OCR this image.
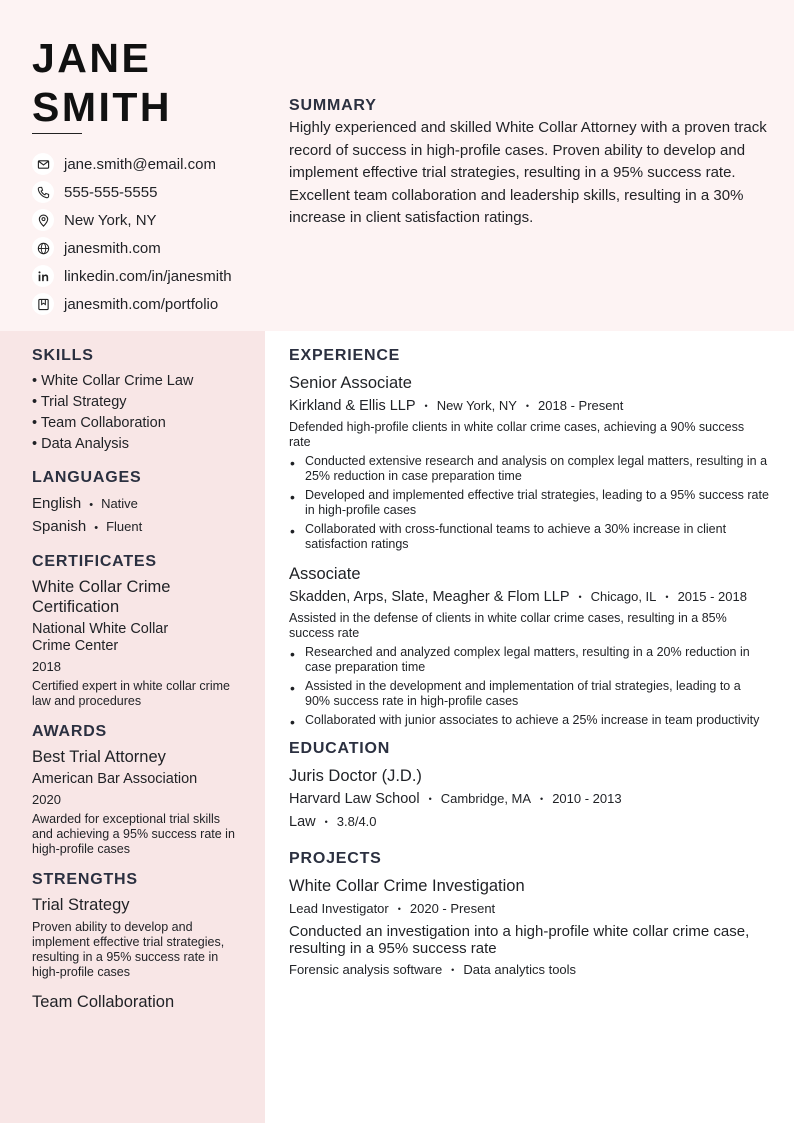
JANE
SMITH
jane.smith@email.com
555-555-5555
New York, NY
janesmith.com
linkedin.com/in/janesmith
janesmith.com/portfolio
SUMMARY
Highly experienced and skilled White Collar Attorney with a proven track record of success in high-profile cases. Proven ability to develop and implement effective trial strategies, resulting in a 95% success rate. Excellent team collaboration and leadership skills, resulting in a 30% increase in client satisfaction ratings.
SKILLS
• White Collar Crime Law
• Trial Strategy
• Team Collaboration
• Data Analysis
LANGUAGES
English • Native
Spanish • Fluent
CERTIFICATES
White Collar Crime Certification
National White Collar Crime Center
2018
Certified expert in white collar crime law and procedures
AWARDS
Best Trial Attorney
American Bar Association
2020
Awarded for exceptional trial skills and achieving a 95% success rate in high-profile cases
STRENGTHS
Trial Strategy
Proven ability to develop and implement effective trial strategies, resulting in a 95% success rate in high-profile cases
Team Collaboration
EXPERIENCE
Senior Associate
Kirkland & Ellis LLP • New York, NY • 2018 - Present
Defended high-profile clients in white collar crime cases, achieving a 90% success rate
• Conducted extensive research and analysis on complex legal matters, resulting in a 25% reduction in case preparation time
• Developed and implemented effective trial strategies, leading to a 95% success rate in high-profile cases
• Collaborated with cross-functional teams to achieve a 30% increase in client satisfaction ratings
Associate
Skadden, Arps, Slate, Meagher & Flom LLP • Chicago, IL • 2015 - 2018
Assisted in the defense of clients in white collar crime cases, resulting in a 85% success rate
• Researched and analyzed complex legal matters, resulting in a 20% reduction in case preparation time
• Assisted in the development and implementation of trial strategies, leading to a 90% success rate in high-profile cases
• Collaborated with junior associates to achieve a 25% increase in team productivity
EDUCATION
Juris Doctor (J.D.)
Harvard Law School • Cambridge, MA • 2010 - 2013
Law • 3.8/4.0
PROJECTS
White Collar Crime Investigation
Lead Investigator • 2020 - Present
Conducted an investigation into a high-profile white collar crime case, resulting in a 95% success rate
Forensic analysis software • Data analytics tools
